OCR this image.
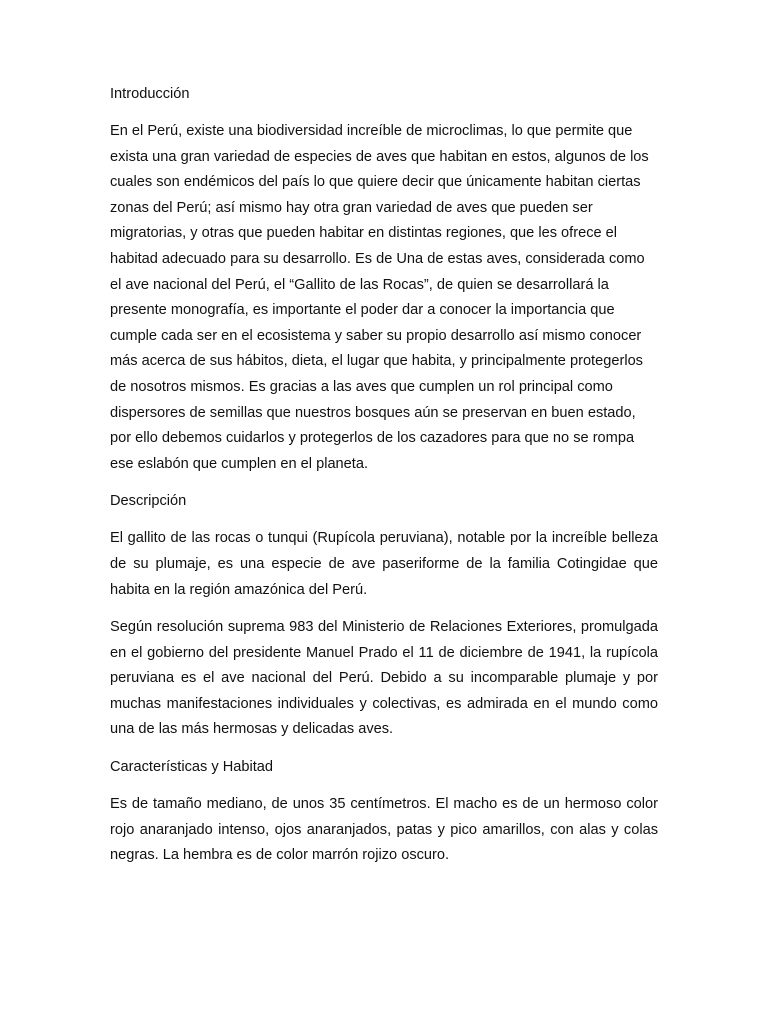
Introducción

En el Perú, existe una biodiversidad increíble de microclimas, lo que permite que exista una gran variedad de especies de aves que habitan en estos, algunos de los cuales son endémicos del país lo que quiere decir que únicamente habitan ciertas zonas del Perú; así mismo hay otra gran variedad de aves que pueden ser migratorias, y otras que pueden habitar en distintas regiones, que les ofrece el habitad adecuado para su desarrollo. Es de Una de estas aves, considerada como el ave nacional del Perú, el “Gallito de las Rocas”, de quien se desarrollará la presente monografía, es importante el poder dar a conocer la importancia que cumple cada ser en el ecosistema y saber su propio desarrollo así mismo conocer más acerca de sus hábitos, dieta, el lugar que habita, y principalmente protegerlos de nosotros mismos. Es gracias a las aves que cumplen un rol principal como dispersores de semillas que nuestros bosques aún se preservan en buen estado, por ello debemos cuidarlos y protegerlos de los cazadores para que no se rompa ese eslabón que cumplen en el planeta.

Descripción

El gallito de las rocas o tunqui (Rupícola peruviana), notable por la increíble belleza de su plumaje, es una especie de ave paseriforme de la familia Cotingidae que habita en la región amazónica del Perú.

Según resolución suprema 983 del Ministerio de Relaciones Exteriores, promulgada en el gobierno del presidente Manuel Prado el 11 de diciembre de 1941, la rupícola peruviana es el ave nacional del Perú. Debido a su incomparable plumaje y por muchas manifestaciones individuales y colectivas, es admirada en el mundo como una de las más hermosas y delicadas aves.

Características y Habitad

Es de tamaño mediano, de unos 35 centímetros. El macho es de un hermoso color rojo anaranjado intenso, ojos anaranjados, patas y pico amarillos, con alas y colas negras. La hembra es de color marrón rojizo oscuro.
